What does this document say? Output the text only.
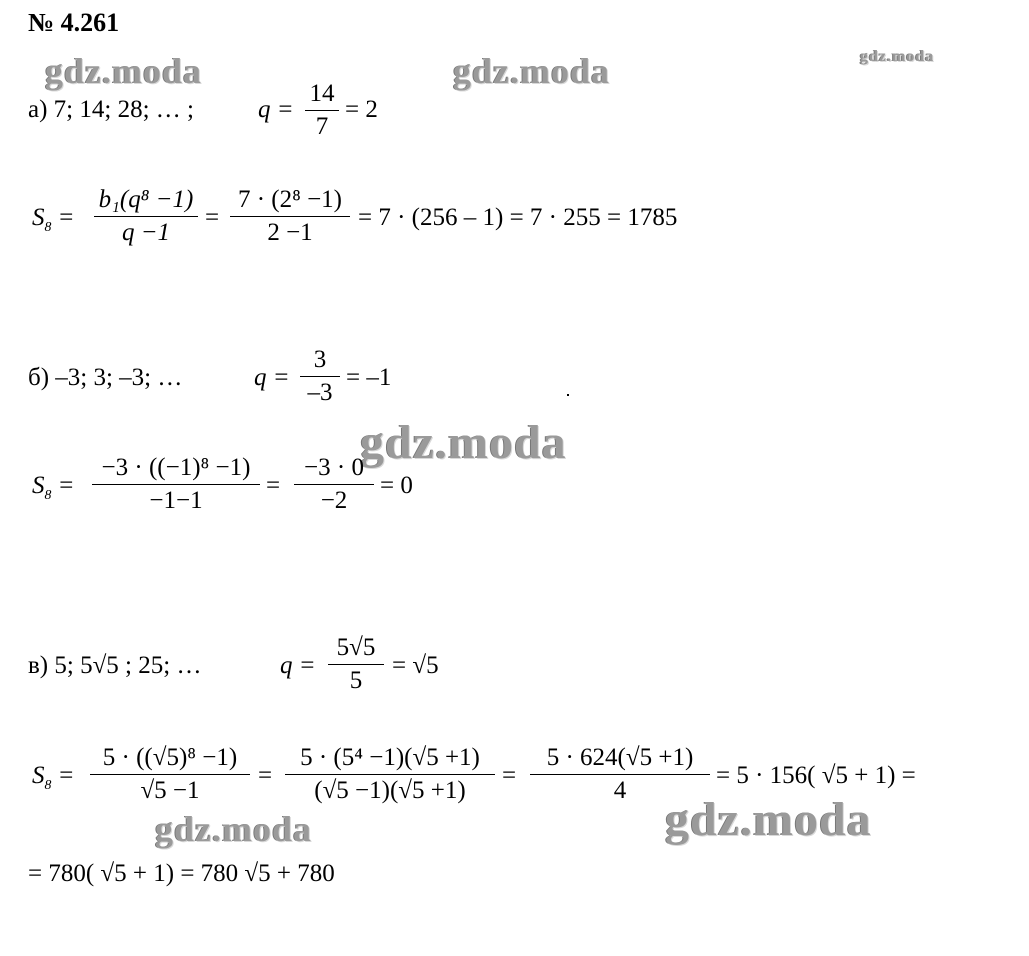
№ 4.261
gdz.moda	gdz.moda	gdz.moda
gdz.moda
gdz.moda	gdz.moda
а) 7; 14; 28; … ;	$q = \frac{14}{7} = 2$
$S_8 = \frac{\text{b₁(q⁸ −1)}}{q -1} = \frac{\text{7 · (2⁸ −1)}}{2 -1} = 7 \cdot (256 - 1) = 7 \cdot 255 = 1785$
б) –3; 3; –3; …	$q = \frac{3}{-3} = -1$
$S_8 = \frac{\text{−3 · ((−1)⁸ −1)}}{-1-1} = \frac{-3 \cdot 0}{-2} = 0$
в) 5; 5√5 ; 25; …	$q = \frac{5√5}{5} = √5$
$S_8 = \frac{\text{5 · ((√5)⁸ −1)}}{√5 -1} = \frac{\text{5 · (5⁴ −1)(√5 +1)}}{(√5 -1)(√5 +1)} = \frac{5 \cdot 624(√5 +1)}{4} = 5 \cdot 156$( √5 + 1) =
= 780( √5 + 1) = 780 √5 + 780
